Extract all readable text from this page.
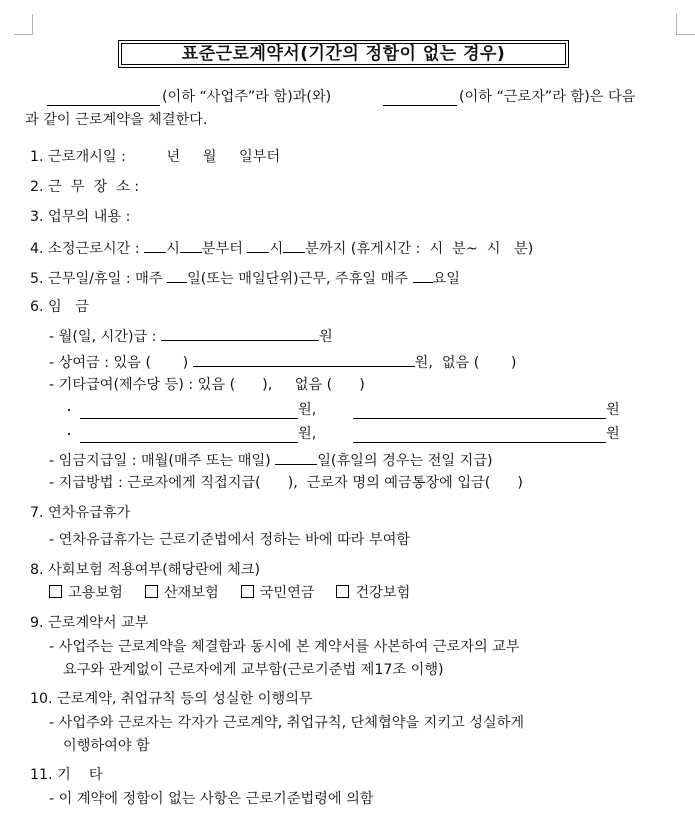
표준근로계약서(기간의 정함이 없는 경우)
(이하 “사업주”라 함)과(와)	(이하 “근로자”라 함)은 다음
과 같이 근로계약을 체결한다.
1. 근로개시일 :         년     월     일부터
2. 근  무  장  소 :
3. 업무의 내용 :
4. 소정근로시간 : 시 분부터 시 분까지 (휴게시간 :  시  분~  시   분)
5. 근무일/휴일 : 매주 일(또는 매일단위)근무, 주휴일 매주 요일
6. 임   금
- 월(일, 시간)급 :	원
- 상여금 : 있음 (       )	원,  없음 (       )
- 기타급여(제수당 등) : 있음 (      ),     없음 (      )
원,	원
원,	원
- 임금지급일 : 매월(매주 또는 매일)	일(휴일의 경우는 전일 지급)
- 지급방법 : 근로자에게 직접지급(      ),  근로자 명의 예금통장에 입금(      )
7. 연차유급휴가
- 연차유급휴가는 근로기준법에서 정하는 바에 따라 부여함
8. 사회보험 적용여부(해당란에 체크)
고용보험	산재보험	국민연금	건강보험
9. 근로계약서 교부
- 사업주는 근로계약을 체결함과 동시에 본 계약서를 사본하여 근로자의 교부
요구와 관계없이 근로자에게 교부함(근로기준법 제17조 이행)
10. 근로계약, 취업규칙 등의 성실한 이행의무
- 사업주와 근로자는 각자가 근로계약, 취업규칙, 단체협약을 지키고 성실하게
이행하여야 함
11. 기    타
- 이 계약에 정함이 없는 사항은 근로기준법령에 의함
